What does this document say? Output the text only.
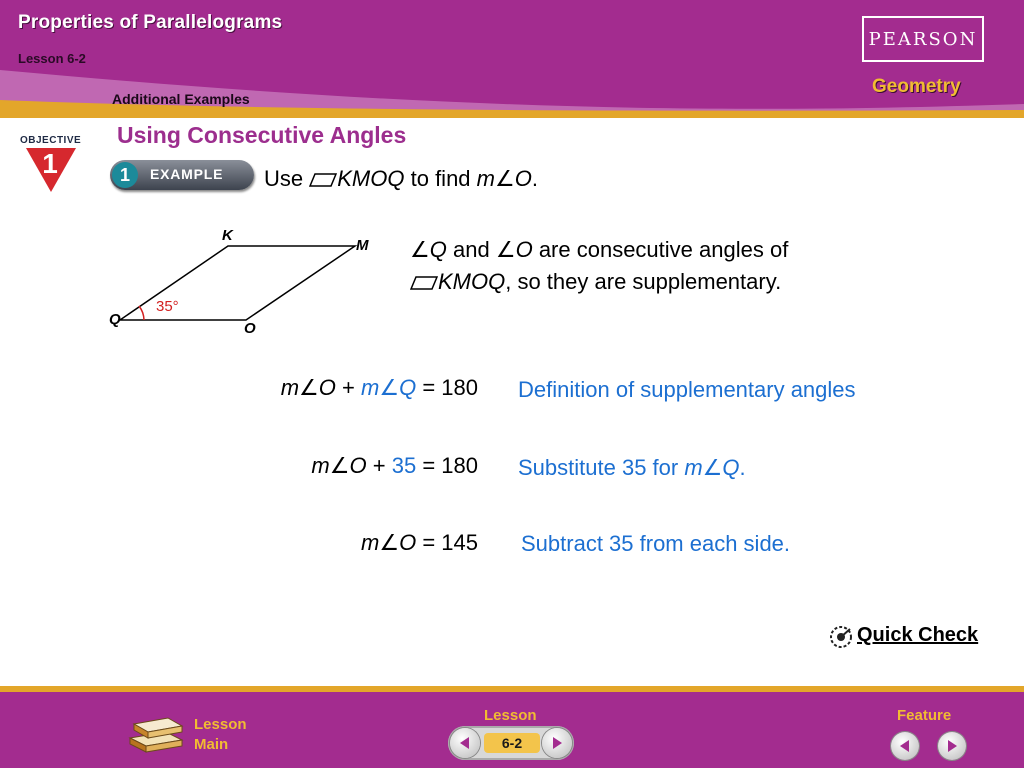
Properties of Parallelograms
Lesson 6-2
Additional Examples
PEARSON
Geometry
OBJECTIVE
1
Using Consecutive Angles
1	EXAMPLE Use KMOQ to find m∠O.
K
M
Q
O
35°
∠Q and ∠O are consecutive angles of
KMOQ, so they are supplementary.
m∠O + m∠Q = 180 Definition of supplementary angles
m∠O + 35 = 180 Substitute 35 for m∠Q.
m∠O = 145 Subtract 35 from each side.
Quick Check
Lesson
Main
Lesson
6-2
Feature
